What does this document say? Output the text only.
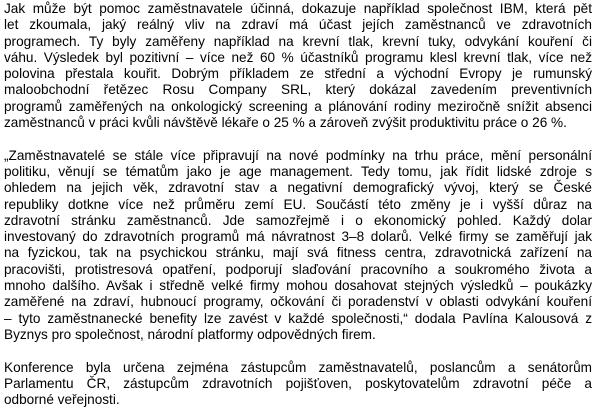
Jak může být pomoc zaměstnavatele účinná, dokazuje například společnost IBM, která pět
let zkoumala, jaký reálný vliv na zdraví má účast jejích zaměstnanců ve zdravotních
programech. Ty byly zaměřeny například na krevní tlak, krevní tuky, odvykání kouření či
váhu. Výsledek byl pozitivní – více než 60 % účastníků programu klesl krevní tlak, více než
polovina přestala kouřit. Dobrým příkladem ze střední a východní Evropy je rumunský
maloobchodní řetězec Rosu Company SRL, který dokázal zavedením preventivních
programů zaměřených na onkologický screening a plánování rodiny meziročně snížit absenci
zaměstnanců v práci kvůli návštěvě lékaře o 25 % a zároveň zvýšit produktivitu práce o 26 %.

„Zaměstnavatelé se stále více připravují na nové podmínky na trhu práce, mění personální
politiku, věnují se tématům jako je age management. Tedy tomu, jak řídit lidské zdroje s
ohledem na jejich věk, zdravotní stav a negativní demografický vývoj, který se České
republiky dotkne více než průměru zemí EU. Součástí této změny je i vyšší důraz na
zdravotní stránku zaměstnanců. Jde samozřejmě i o ekonomický pohled. Každý dolar
investovaný do zdravotních programů má návratnost 3–8 dolarů. Velké firmy se zaměřují jak
na fyzickou, tak na psychickou stránku, mají svá fitness centra, zdravotnická zařízení na
pracovišti, protistresová opatření, podporují slaďování pracovního a soukromého života a
mnoho dalšího. Avšak i středně velké firmy mohou dosahovat stejných výsledků – poukázky
zaměřené na zdraví, hubnoucí programy, očkování či poradenství v oblasti odvykání kouření
– tyto zaměstnanecké benefity lze zavést v každé společnosti,“ dodala Pavlína Kalousová z
Byznys pro společnost, národní platformy odpovědných firem.

Konference byla určena zejména zástupcům zaměstnavatelů, poslancům a senátorům
Parlamentu ČR, zástupcům zdravotních pojišťoven, poskytovatelům zdravotní péče a
odborné veřejnosti.
